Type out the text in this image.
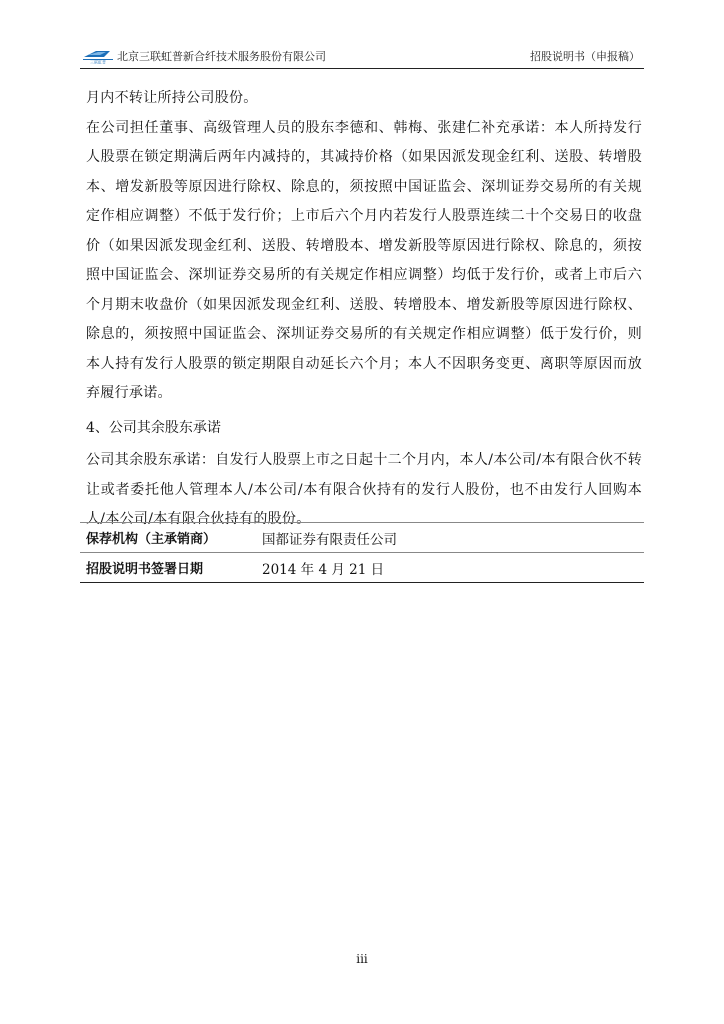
三联虹普 北京三联虹普新合纤技术服务股份有限公司	招股说明书（申报稿）

月内不转让所持公司股份。

在公司担任董事、高级管理人员的股东李德和、韩梅、张建仁补充承诺：本人所持发行人股票在锁定期满后两年内减持的，其减持价格（如果因派发现金红利、送股、转增股本、增发新股等原因进行除权、除息的，须按照中国证监会、深圳证券交易所的有关规定作相应调整）不低于发行价；上市后六个月内若发行人股票连续二十个交易日的收盘价（如果因派发现金红利、送股、转增股本、增发新股等原因进行除权、除息的，须按照中国证监会、深圳证券交易所的有关规定作相应调整）均低于发行价，或者上市后六个月期末收盘价（如果因派发现金红利、送股、转增股本、增发新股等原因进行除权、除息的，须按照中国证监会、深圳证券交易所的有关规定作相应调整）低于发行价，则本人持有发行人股票的锁定期限自动延长六个月；本人不因职务变更、离职等原因而放弃履行承诺。

4、公司其余股东承诺

公司其余股东承诺：自发行人股票上市之日起十二个月内，本人/本公司/本有限合伙不转让或者委托他人管理本人/本公司/本有限合伙持有的发行人股份，也不由发行人回购本人/本公司/本有限合伙持有的股份。

保荐机构（主承销商）	国都证券有限责任公司
招股说明书签署日期	2014 年 4 月 21 日
iii
